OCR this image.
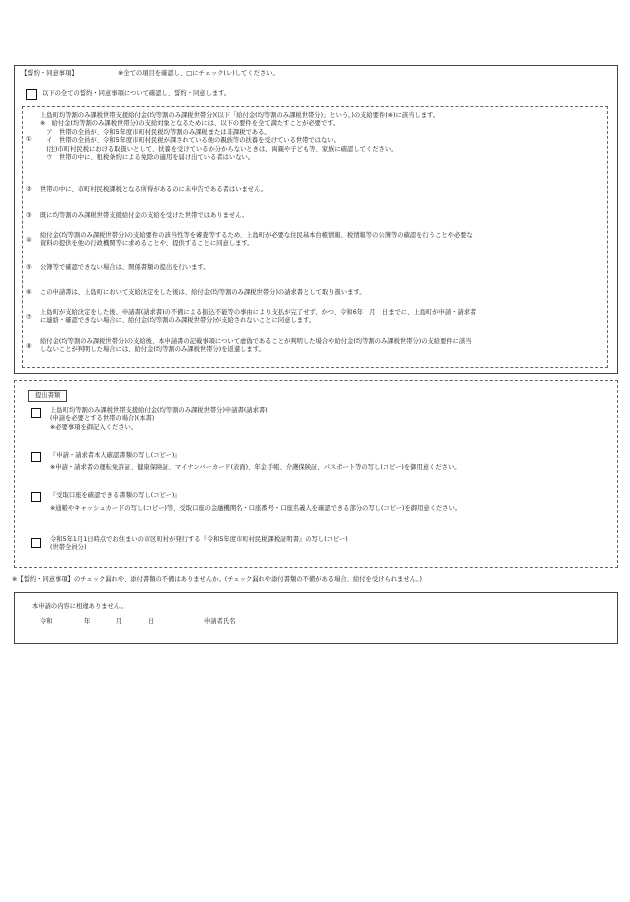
【誓約・同意事項】	※全ての項目を確認し、□にチェック(レ)してください。
以下の全ての誓約・同意事項について確認し、誓約・同意します。
①
上島町均等割のみ課税世帯支援給付金(均等割のみ課税世帯分)(以下「給付金(均等割のみ課税世帯分)」という。)の支給要件(※)に該当します。
※　給付金(均等割のみ課税世帯分)の支給対象となるためには、以下の要件を全て満たすことが必要です。
　ア　世帯の全員が、令和5年度市町村民税均等割のみ課税または非課税である。
　イ　世帯の全員が、令和5年度市町村民税が課されている他の親族等の扶養を受けている世帯ではない。
　(注)市町村民税における取扱いとして、扶養を受けているか分からないときは、両親や子ども等、家族に確認してください。
　ウ　世帯の中に、租税条約による免除の適用を届け出ている者はいない。
② 世帯の中に、市町村民税課税となる所得があるのに未申告である者はいません。
③ 既に均等割のみ課税世帯支援給付金の支給を受けた世帯ではありません。
④
給付金(均等割のみ課税世帯分)の支給要件の該当性等を審査等するため、上島町が必要な住民基本台帳情報、税情報等の公簿等の確認を行うことや必要な
資料の提供を他の行政機関等に求めることや、提供することに同意します。
⑤ 公簿等で確認できない場合は、関係書類の提出を行います。
⑥ この申請書は、上島町において支給決定をした後は、給付金(均等割のみ課税世帯分)の請求書として取り扱います。
⑦
上島町が支給決定をした後、申請書(請求書)の不備による振込不能等の事由により支払が完了せず、かつ、令和6年　月　日までに、上島町が申請・請求者
に連絡・確認できない場合に、給付金(均等割のみ課税世帯分)が支給されないことに同意します。
⑧
給付金(均等割のみ課税世帯分)の支給後、本申請書の記載事項について虚偽であることが判明した場合や給付金(均等割のみ課税世帯分)の支給要件に該当
しないことが判明した場合には、給付金(均等割のみ課税世帯分)を返還します。
提出書類
上島町均等割のみ課税世帯支援給付金(均等割のみ課税世帯分)申請書(請求書)
(申請を必要とする世帯の場合)(本書)
※必要事項を御記入ください。
『申請・請求者本人確認書類の写し(コピー)』
※申請・請求者の運転免許証、健康保険証、マイナンバーカード(表面)、年金手帳、介護保険証、パスポート等の写し(コピー)を御用意ください。
『受取口座を確認できる書類の写し(コピー)』
※通帳やキャッシュカードの写し(コピー)等、受取口座の金融機関名・口座番号・口座名義人を確認できる部分の写し(コピー)を御用意ください。
令和5年1月1日時点でお住まいの市区町村が発行する『令和5年度市町村民税課税証明書』の写し(コピー)
(世帯全員分)
※【誓約・同意事項】のチェック漏れや、添付書類の不備はありませんか。(チェック漏れや添付書類の不備がある場合、給付を受けられません。)
本申請の内容に相違ありません。
令和	年	月	日	申請者氏名
